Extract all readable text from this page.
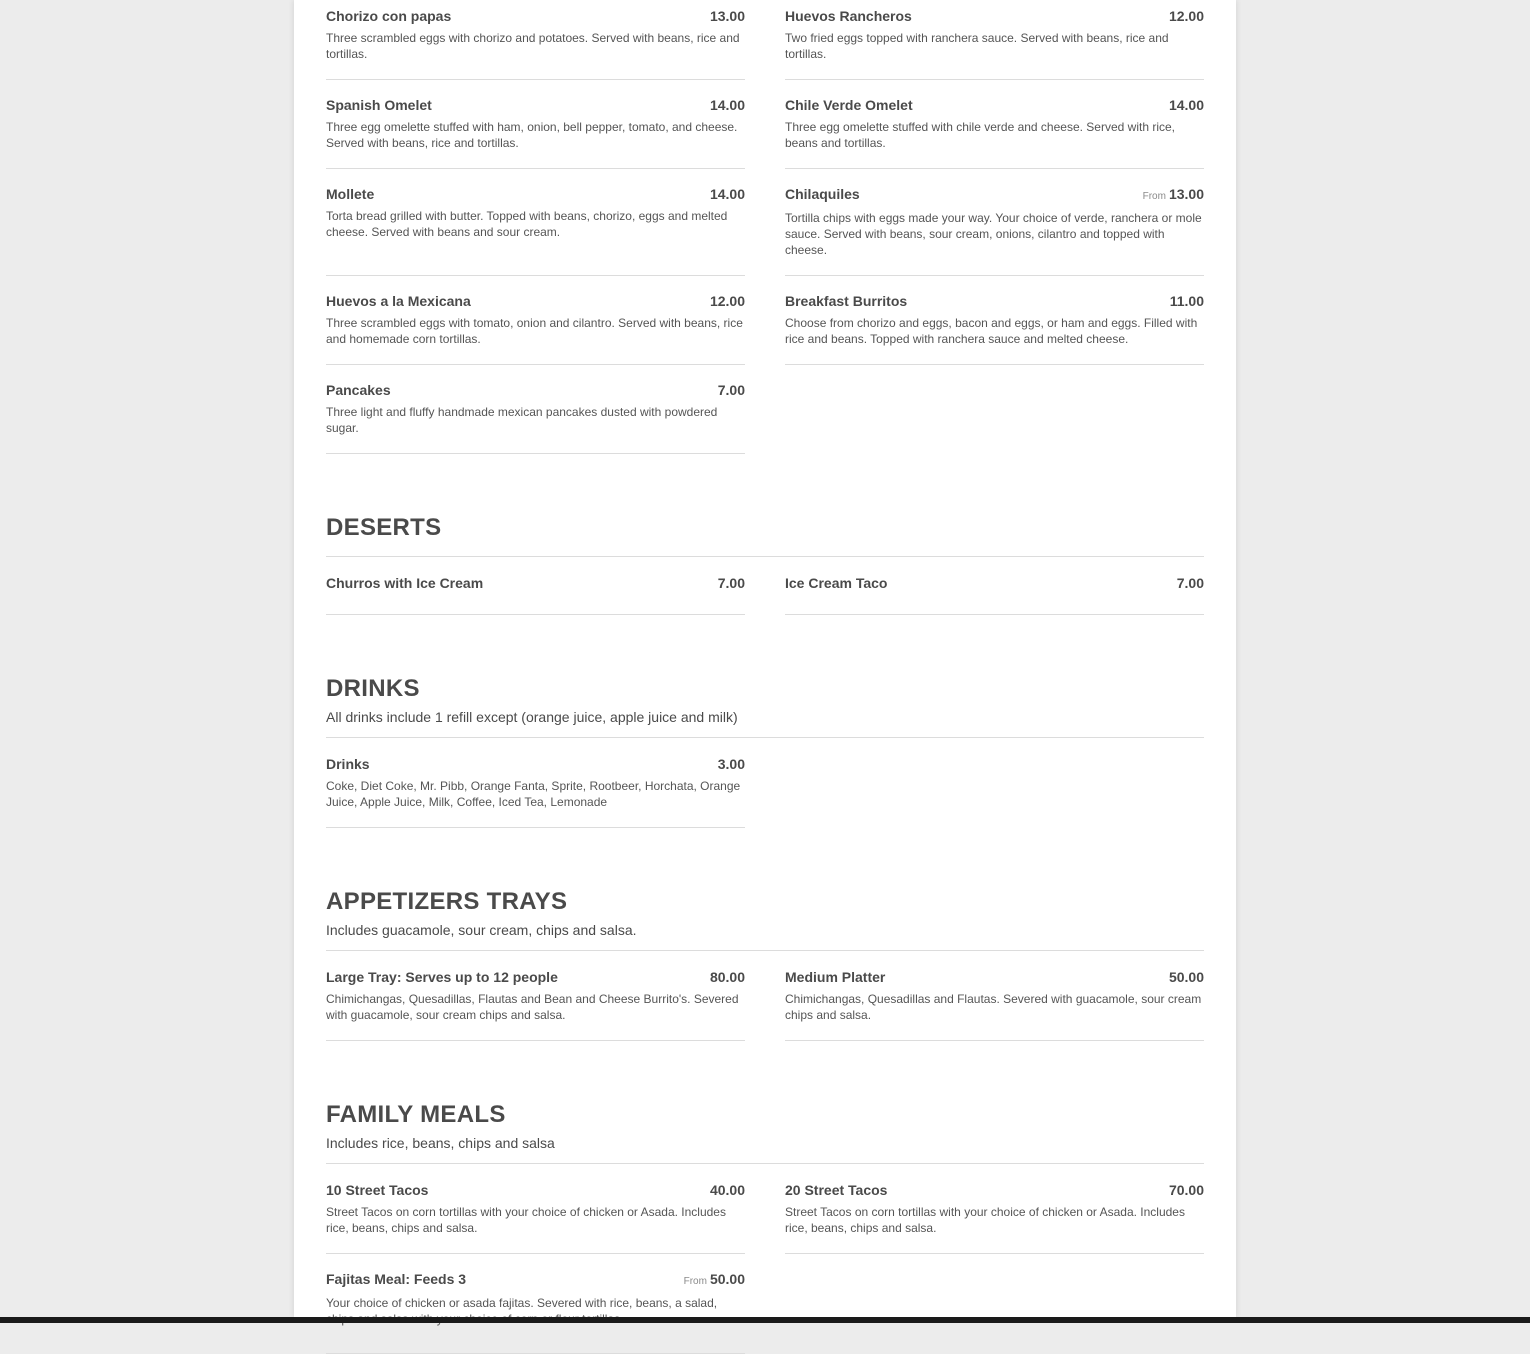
Chorizo con papas	13.00
Three scrambled eggs with chorizo and potatoes. Served with beans, rice and tortillas.
Huevos Rancheros	12.00
Two fried eggs topped with ranchera sauce. Served with beans, rice and tortillas.
Spanish Omelet	14.00
Three egg omelette stuffed with ham, onion, bell pepper, tomato, and cheese. Served with beans, rice and tortillas.
Chile Verde Omelet	14.00
Three egg omelette stuffed with chile verde and cheese. Served with rice, beans and tortillas.
Mollete	14.00
Torta bread grilled with butter. Topped with beans, chorizo, eggs and melted cheese. Served with beans and sour cream.
Chilaquiles	From 13.00
Tortilla chips with eggs made your way. Your choice of verde, ranchera or mole sauce. Served with beans, sour cream, onions, cilantro and topped with cheese.
Huevos a la Mexicana	12.00
Three scrambled eggs with tomato, onion and cilantro. Served with beans, rice and homemade corn tortillas.
Breakfast Burritos	11.00
Choose from chorizo and eggs, bacon and eggs, or ham and eggs. Filled with rice and beans. Topped with ranchera sauce and melted cheese.
Pancakes	7.00
Three light and fluffy handmade mexican pancakes dusted with powdered sugar.
DESERTS
Churros with Ice Cream	7.00	Ice Cream Taco	7.00
DRINKS
All drinks include 1 refill except (orange juice, apple juice and milk)
Drinks	3.00
Coke, Diet Coke, Mr. Pibb, Orange Fanta, Sprite, Rootbeer, Horchata, Orange Juice, Apple Juice, Milk, Coffee, Iced Tea, Lemonade
APPETIZERS TRAYS
Includes guacamole, sour cream, chips and salsa.
Large Tray: Serves up to 12 people	80.00
Chimichangas, Quesadillas, Flautas and Bean and Cheese Burrito's. Severed with guacamole, sour cream chips and salsa.
Medium Platter	50.00
Chimichangas, Quesadillas and Flautas. Severed with guacamole, sour cream chips and salsa.
FAMILY MEALS
Includes rice, beans, chips and salsa
10 Street Tacos	40.00
Street Tacos on corn tortillas with your choice of chicken or Asada. Includes rice, beans, chips and salsa.
20 Street Tacos	70.00
Street Tacos on corn tortillas with your choice of chicken or Asada. Includes rice, beans, chips and salsa.
Fajitas Meal: Feeds 3	From 50.00
Your choice of chicken or asada fajitas. Severed with rice, beans, a salad,
